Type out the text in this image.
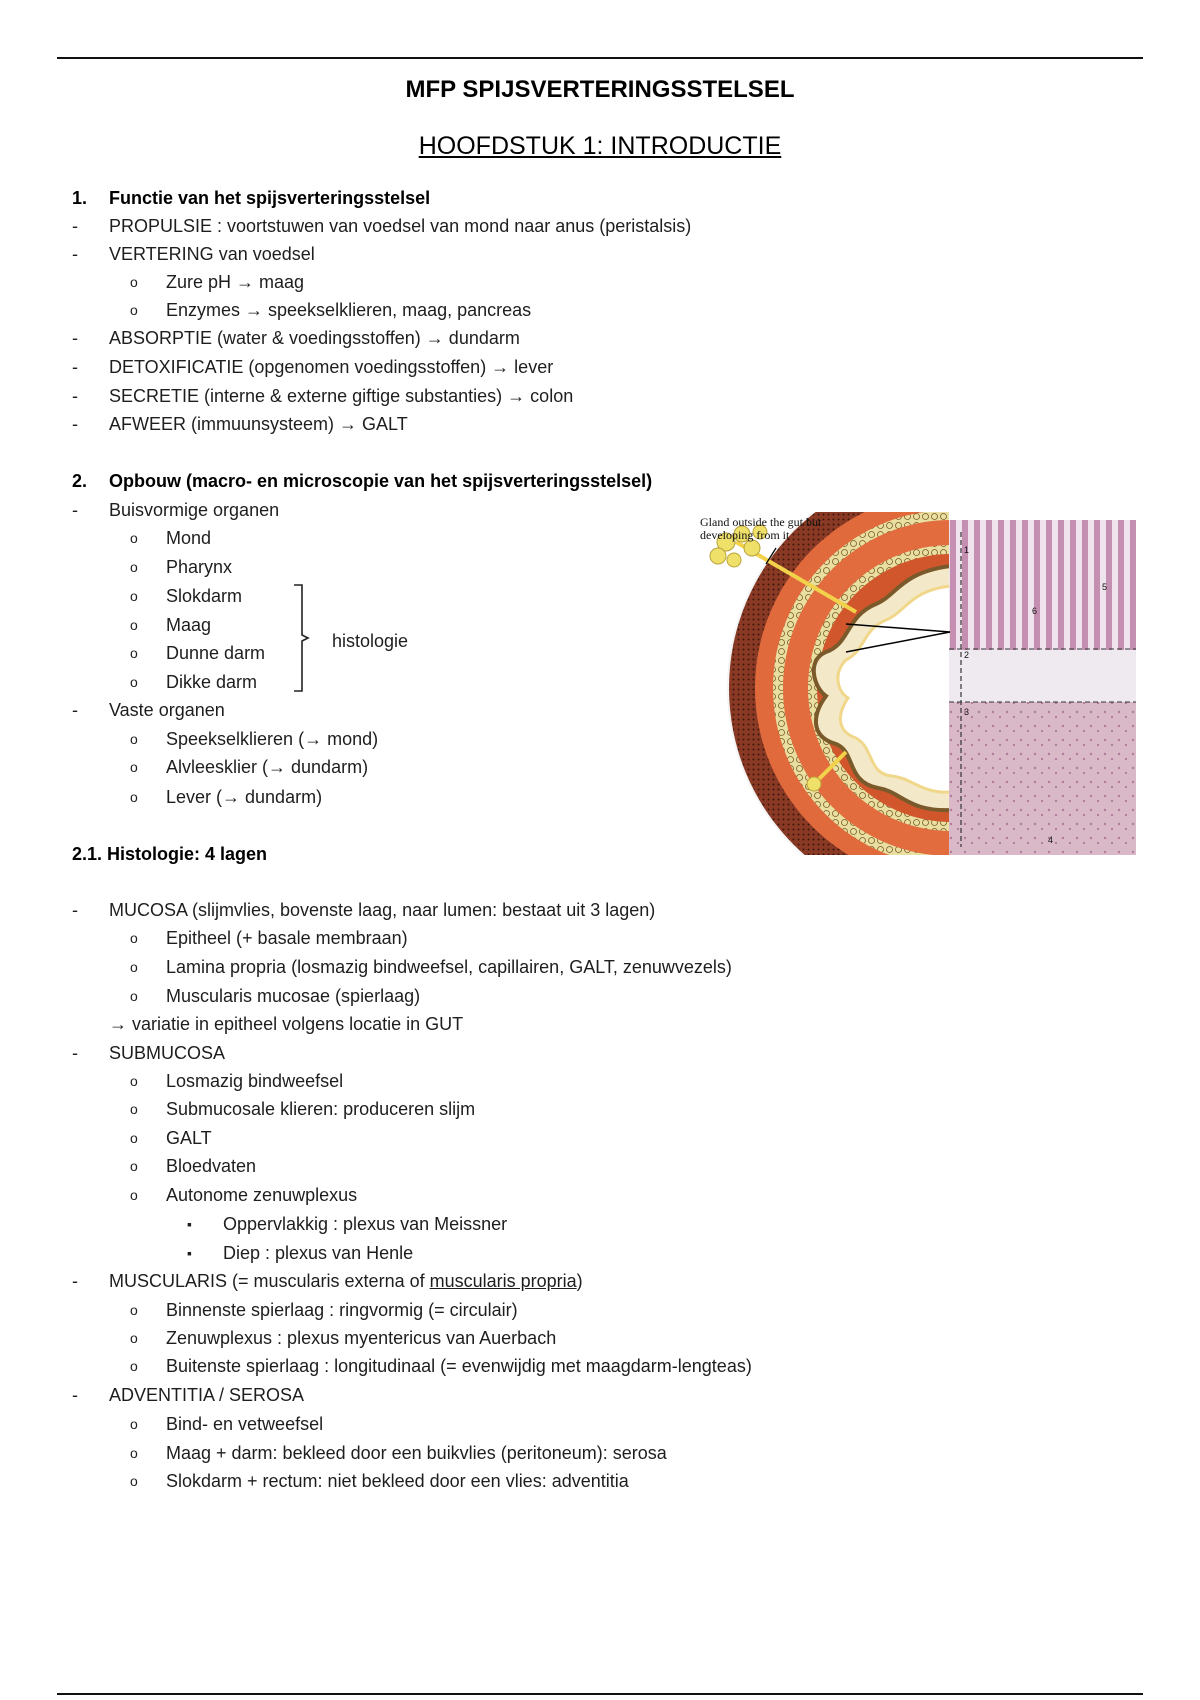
MFP SPIJSVERTERINGSSTELSEL
HOOFDSTUK 1: INTRODUCTIE
1. Functie van het spijsverteringsstelsel
- PROPULSIE : voortstuwen van voedsel van mond naar anus (peristalsis)
- VERTERING van voedsel
o Zure pH → maag
o Enzymes → speekselklieren, maag, pancreas
- ABSORPTIE (water & voedingsstoffen) → dundarm
- DETOXIFICATIE (opgenomen voedingsstoffen) → lever
- SECRETIE (interne & externe giftige substanties) → colon
- AFWEER (immuunsysteem) → GALT
2. Opbouw (macro- en microscopie van het spijsverteringsstelsel)
- Buisvormige organen
o Mond
o Pharynx
o Slokdarm
o Maag
o Dunne darm
o Dikke darm
histologie
- Vaste organen
o Speekselklieren (→ mond)
o Alvleesklier (→ dundarm)
o Lever (→ dundarm)
Gland outside the gut but developing from it
1
2
3
4
5
6
2.1. Histologie: 4 lagen
- MUCOSA (slijmvlies, bovenste laag, naar lumen: bestaat uit 3 lagen)
o Epitheel (+ basale membraan)
o Lamina propria (losmazig bindweefsel, capillairen, GALT, zenuwvezels)
o Muscularis mucosae (spierlaag)
→ variatie in epitheel volgens locatie in GUT
- SUBMUCOSA
o Losmazig bindweefsel
o Submucosale klieren: produceren slijm
o GALT
o Bloedvaten
o Autonome zenuwplexus
▪ Oppervlakkig : plexus van Meissner
▪ Diep : plexus van Henle
- MUSCULARIS (= muscularis externa of muscularis propria)
o Binnenste spierlaag : ringvormig (= circulair)
o Zenuwplexus : plexus myentericus van Auerbach
o Buitenste spierlaag : longitudinaal (= evenwijdig met maagdarm-lengteas)
- ADVENTITIA / SEROSA
o Bind- en vetweefsel
o Maag + darm: bekleed door een buikvlies (peritoneum): serosa
o Slokdarm + rectum: niet bekleed door een vlies: adventitia
